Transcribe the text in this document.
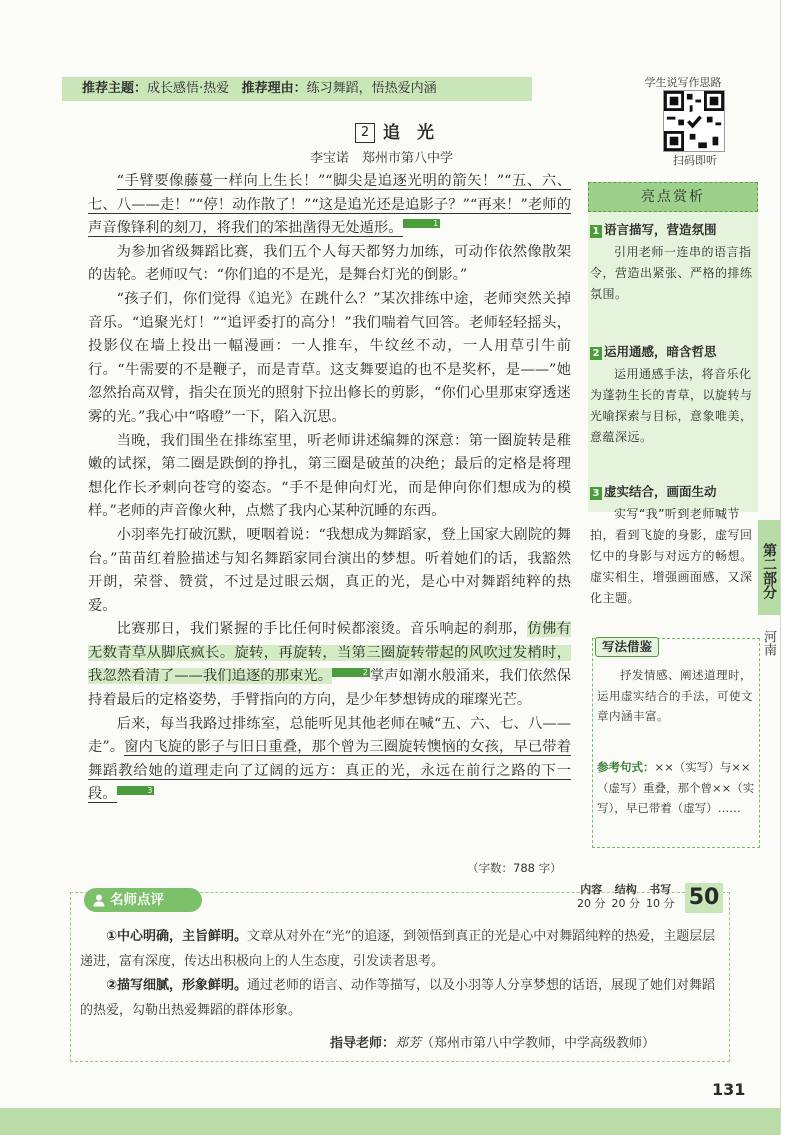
推荐主题：成长感悟·热爱 推荐理由：练习舞蹈，悟热爱内涵	学生说写作思路
扫码即听
2 追　光
李宝诺　郑州市第八中学

“手臂要像藤蔓一样向上生长！”“脚尖是追逐光明的箭矢！”“五、六、七、八——走！”“停！动作散了！”“这是追光还是追影子？”“再来！”老师的声音像锋利的刻刀，将我们的笨拙凿得无处遁形。	$^1$

为参加省级舞蹈比赛，我们五个人每天都努力加练，可动作依然像散架的齿轮。老师叹气：“你们追的不是光，是舞台灯光的倒影。”

“孩子们，你们觉得《追光》在跳什么？”某次排练中途，老师突然关掉音乐。“追聚光灯！”“追评委打的高分！”我们喘着气回答。老师轻轻摇头，投影仪在墙上投出一幅漫画：一人推车，牛纹丝不动，一人用草引牛前行。“牛需要的不是鞭子，而是青草。这支舞要追的也不是奖杯，是——”她忽然抬高双臂，指尖在顶光的照射下拉出修长的剪影，“你们心里那束穿透迷雾的光。”我心中“咯噔”一下，陷入沉思。

当晚，我们围坐在排练室里，听老师讲述编舞的深意：第一圈旋转是稚嫩的试探，第二圈是跌倒的挣扎，第三圈是破茧的决绝；最后的定格是将理想化作长矛刺向苍穹的姿态。“手不是伸向灯光，而是伸向你们想成为的模样。”老师的声音像火种，点燃了我内心某种沉睡的东西。

小羽率先打破沉默，哽咽着说：“我想成为舞蹈家，登上国家大剧院的舞台。”苗苗红着脸描述与知名舞蹈家同台演出的梦想。听着她们的话，我豁然开朗，荣誉、赞赏，不过是过眼云烟，真正的光，是心中对舞蹈纯粹的热爱。

比赛那日，我们紧握的手比任何时候都滚烫。音乐响起的刹那，仿佛有无数青草从脚底疯长。旋转，再旋转，当第三圈旋转带起的风吹过发梢时，我忽然看清了——我们追逐的那束光。	$^2$ 掌声如潮水般涌来，我们依然保持着最后的定格姿势，手臂指向的方向，是少年梦想铸成的璀璨光芒。

后来，每当我路过排练室，总能听见其他老师在喊“五、六、七、八——走”。窗内飞旋的影子与旧日重叠，那个曾为三圈旋转懊恼的女孩，早已带着舞蹈教给她的道理走向了辽阔的远方：真正的光，永远在前行之路的下一段。	$^3$

（字数：788 字）
亮点赏析
1 语言描写，营造氛围
引用老师一连串的语言指令，营造出紧张、严格的排练氛围。
2 运用通感，暗含哲思
运用通感手法，将音乐化为蓬勃生长的青草，以旋转与光喻探索与目标，意象唯美，意蕴深远。
3 虚实结合，画面生动
实写“我”听到老师喊节拍，看到飞旋的身影，虚写回忆中的身影与对远方的畅想。虚实相生，增强画面感，又深化主题。	第二部分
河南
写法借鉴
抒发情感、阐述道理时，运用虚实结合的手法，可使文章内涵丰富。
参考句式：××（实写）与××（虚写）重叠，那个曾××（实写），早已带着（虚写）……
名师点评
内容	结构	书写
20 分	20 分	10 分 50

①中心明确，主旨鲜明。文章从对外在“光”的追逐，到领悟到真正的光是心中对舞蹈纯粹的热爱，主题层层递进，富有深度，传达出积极向上的人生态度，引发读者思考。

②描写细腻，形象鲜明。通过老师的语言、动作等描写，以及小羽等人分享梦想的话语，展现了她们对舞蹈的热爱，勾勒出热爱舞蹈的群体形象。

指导老师：郑芳（郑州市第八中学教师，中学高级教师）
131
